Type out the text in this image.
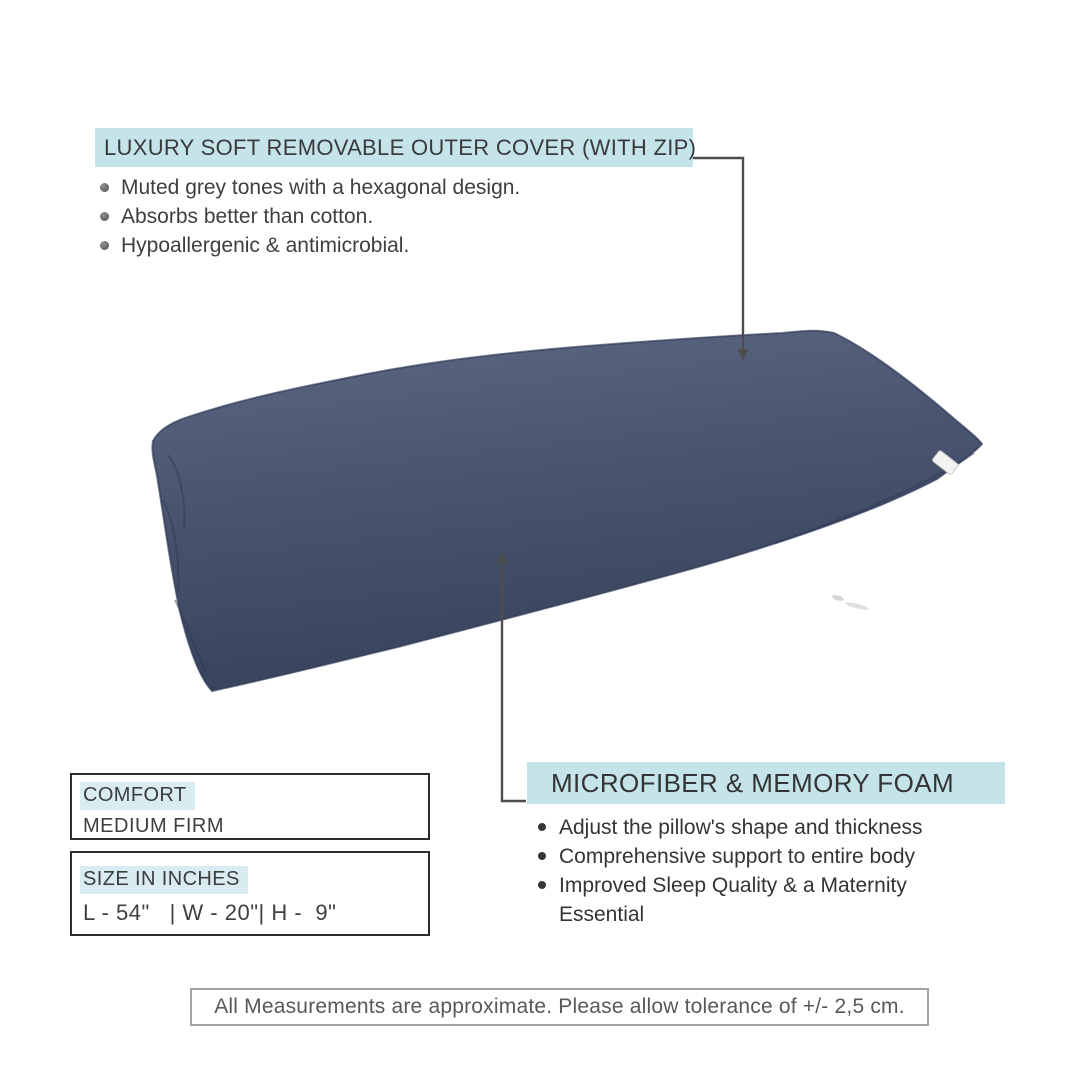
LUXURY SOFT REMOVABLE OUTER COVER (WITH ZIP)
Muted grey tones with a hexagonal design.
Absorbs better than cotton.
Hypoallergenic & antimicrobial.
MICROFIBER & MEMORY FOAM
Adjust the pillow's shape and thickness
Comprehensive support to entire body
Improved Sleep Quality & a Maternity Essential
COMFORT
MEDIUM FIRM
SIZE IN INCHES
L - 54"   | W - 20"| H -  9"
All Measurements are approximate. Please allow tolerance of +/- 2,5 cm.
